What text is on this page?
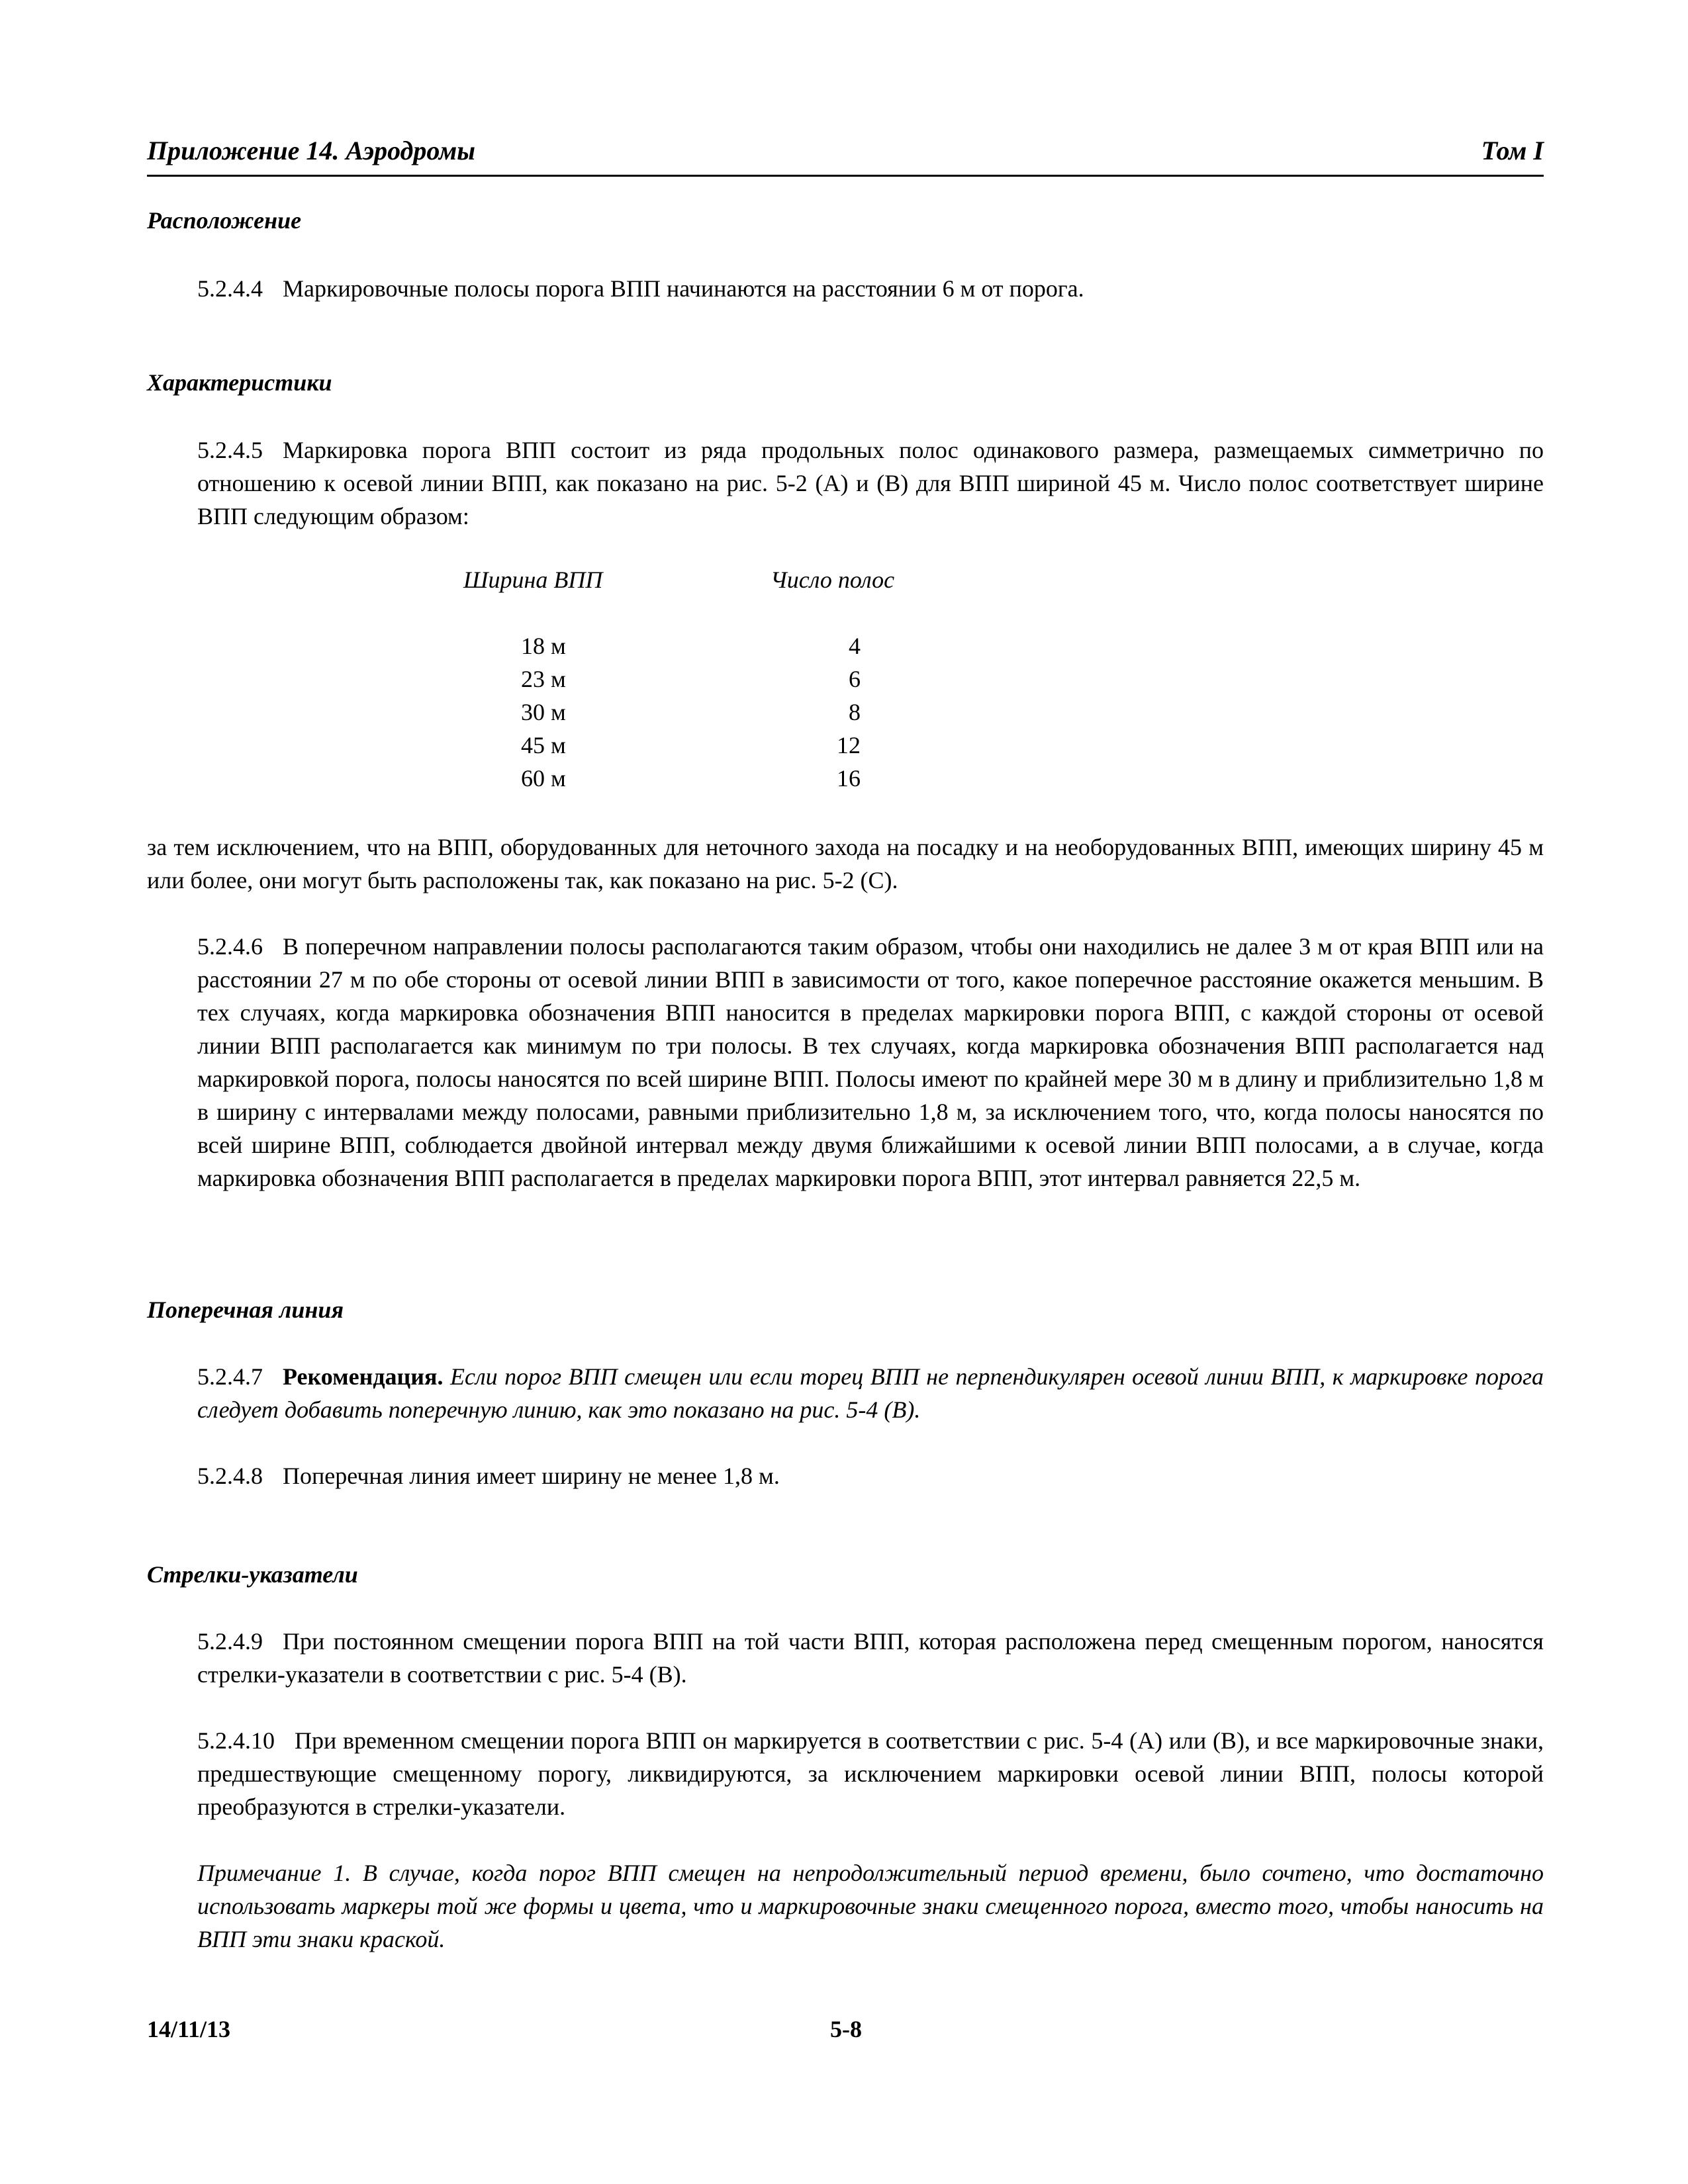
Приложение 14. Аэродромы	Том I
Расположение
5.2.4.4 Маркировочные полосы порога ВПП начинаются на расстоянии 6 м от порога.
Характеристики
5.2.4.5 Маркировка порога ВПП состоит из ряда продольных полос одинакового размера, размещаемых симметрично по отношению к осевой линии ВПП, как показано на рис. 5-2 (A) и (B) для ВПП шириной 45 м. Число полос соответствует ширине ВПП следующим образом:
Ширина ВПП	Число полос
18 м	4
23 м	6
30 м	8
45 м	12
60 м	16
за тем исключением, что на ВПП, оборудованных для неточного захода на посадку и на необорудованных ВПП, имеющих ширину 45 м или более, они могут быть расположены так, как показано на рис. 5-2 (С).
5.2.4.6 В поперечном направлении полосы располагаются таким образом, чтобы они находились не далее 3 м от края ВПП или на расстоянии 27 м по обе стороны от осевой линии ВПП в зависимости от того, какое поперечное расстояние окажется меньшим. В тех случаях, когда маркировка обозначения ВПП наносится в пределах маркировки порога ВПП, с каждой стороны от осевой линии ВПП располагается как минимум по три полосы. В тех случаях, когда маркировка обозначения ВПП располагается над маркировкой порога, полосы наносятся по всей ширине ВПП. Полосы имеют по крайней мере 30 м в длину и приблизительно 1,8 м в ширину с интервалами между полосами, равными приблизительно 1,8 м, за исключением того, что, когда полосы наносятся по всей ширине ВПП, соблюдается двойной интервал между двумя ближайшими к осевой линии ВПП полосами, а в случае, когда маркировка обозначения ВПП располагается в пределах маркировки порога ВПП, этот интервал равняется 22,5 м.
Поперечная линия
5.2.4.7 Рекомендация. Если порог ВПП смещен или если торец ВПП не перпендикулярен осевой линии ВПП, к маркировке порога следует добавить поперечную линию, как это показано на рис. 5-4 (В).
5.2.4.8 Поперечная линия имеет ширину не менее 1,8 м.
Стрелки-указатели
5.2.4.9 При постоянном смещении порога ВПП на той части ВПП, которая расположена перед смещенным порогом, наносятся стрелки-указатели в соответствии с рис. 5-4 (В).
5.2.4.10 При временном смещении порога ВПП он маркируется в соответствии с рис. 5-4 (А) или (В), и все маркировочные знаки, предшествующие смещенному порогу, ликвидируются, за исключением маркировки осевой линии ВПП, полосы которой преобразуются в стрелки-указатели.
Примечание 1. В случае, когда порог ВПП смещен на непродолжительный период времени, было сочтено, что достаточно использовать маркеры той же формы и цвета, что и маркировочные знаки смещенного порога, вместо того, чтобы наносить на ВПП эти знаки краской.
14/11/13	5-8
